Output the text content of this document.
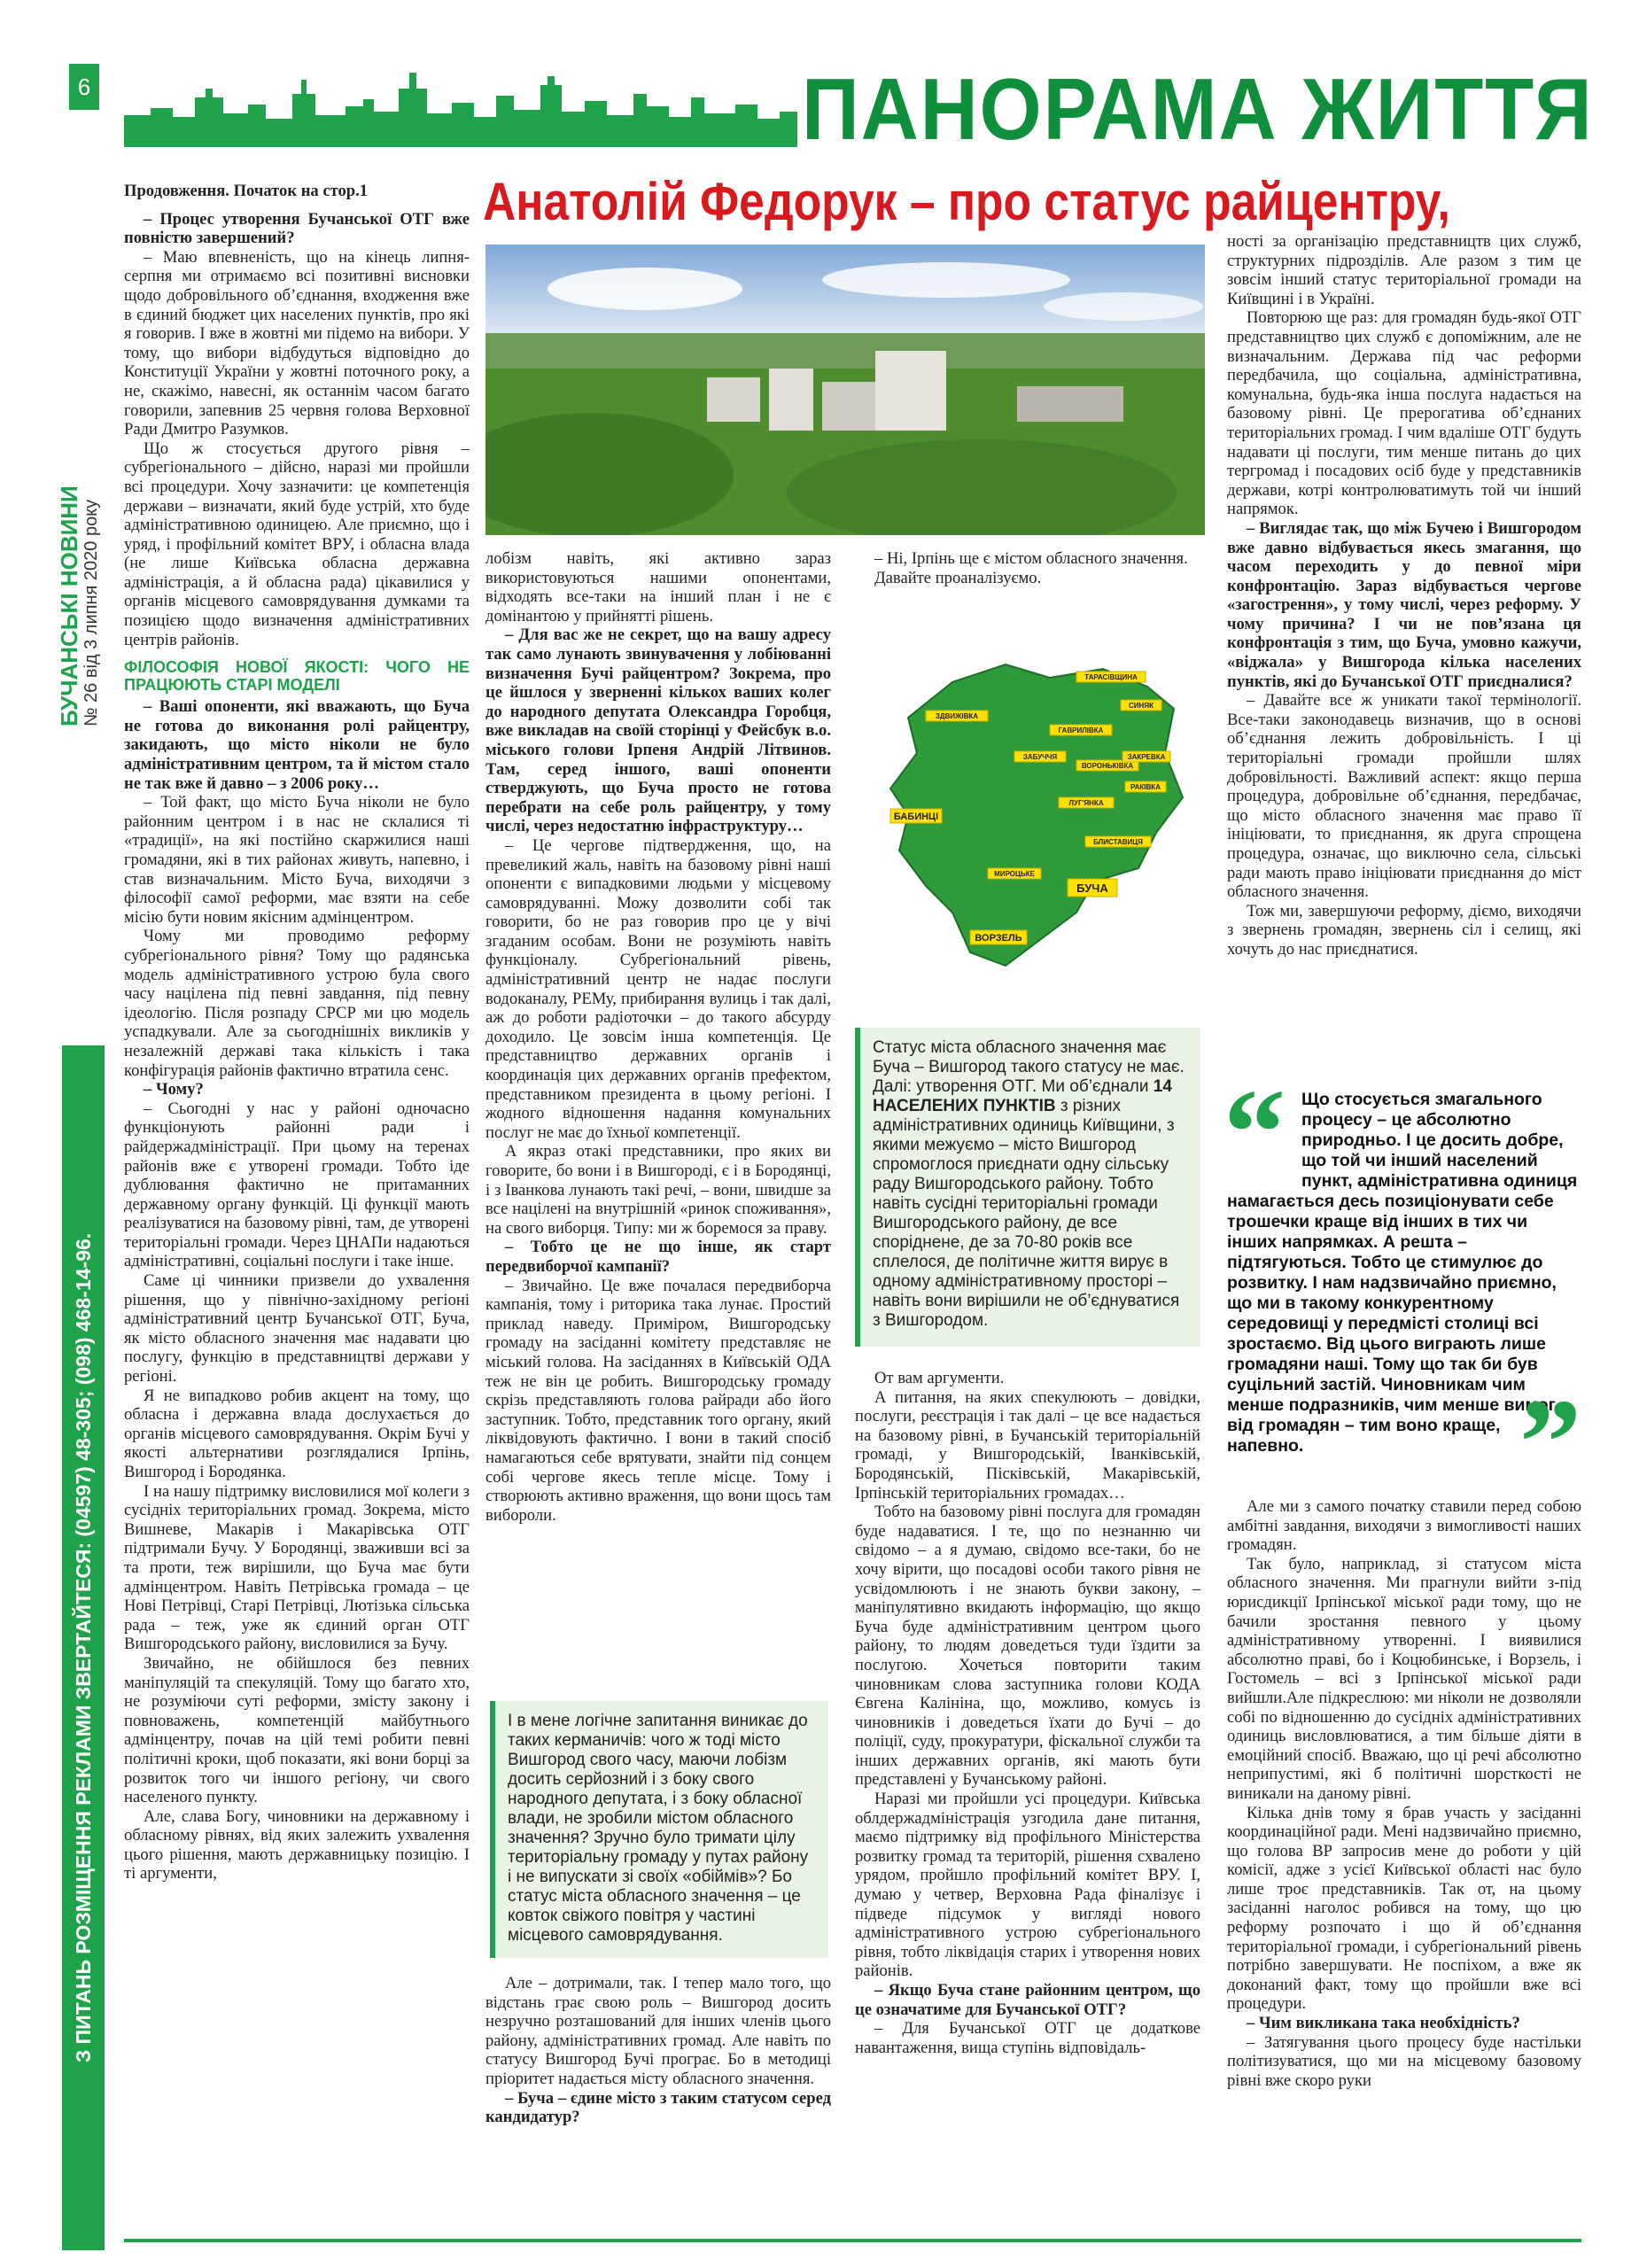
6	ПАНОРАМА ЖИТТЯ
БУЧАНСЬКІ НОВИНИ № 26 від 3 липня 2020 року
З ПИТАНЬ РОЗМІЩЕННЯ РЕКЛАМИ ЗВЕРТАЙТЕСЯ: (04597) 48-305; (098) 468-14-96.
Анатолій Федорук – про статус райцентру,

Продовження. Початок на стор.1

– Процес утворення Бучанської ОТГ вже повністю завершений?

– Маю впевненість, що на кінець липня-серпня ми отримаємо всі позитивні висновки щодо добровільного об’єднання, входження вже в єдиний бюджет цих населених пунктів, про які я говорив. І вже в жовтні ми підемо на вибори. У тому, що вибори відбудуться відповідно до Конституції України у жовтні поточного року, а не, скажімо, навесні, як останнім часом багато говорили, запевнив 25 червня голова Верховної Ради Дмитро Разумков.

Що ж стосується другого рівня – субрегіонального – дійсно, наразі ми пройшли всі процедури. Хочу зазначити: це компетенція держави – визначати, який буде устрій, хто буде адміністративною одиницею. Але приємно, що і уряд, і профільний комітет ВРУ, і обласна влада (не лише Київська обласна державна адміністрація, а й обласна рада) цікавилися у органів місцевого самоврядування думками та позицією щодо визначення адміністративних центрів районів.

ФІЛОСОФІЯ НОВОЇ ЯКОСТІ: ЧОГО НЕ ПРАЦЮЮТЬ СТАРІ МОДЕЛІ

– Ваші опоненти, які вважають, що Буча не готова до виконання ролі райцентру, закидають, що місто ніколи не було адміністративним центром, та й містом стало не так вже й давно – з 2006 року…

– Той факт, що місто Буча ніколи не було районним центром і в нас не склалися ті «традиції», на які постійно скаржилися наші громадяни, які в тих районах живуть, напевно, і став визначальним. Місто Буча, виходячи з філософії самої реформи, має взяти на себе місію бути новим якісним адмінцентром.

Чому ми проводимо реформу субрегіонального рівня? Тому що радянська модель адміністративного устрою була свого часу націлена під певні завдання, під певну ідеологію. Після розпаду СРСР ми цю модель успадкували. Але за сьогоднішніх викликів у незалежній державі така кількість і така конфігурація районів фактично втратила сенс.

– Чому?

– Сьогодні у нас у районі одночасно функціонують районні ради і райдержадміністрації. При цьому на теренах районів вже є утворені громади. Тобто іде дублювання фактично не притаманних державному органу функцій. Ці функції мають реалізуватися на базовому рівні, там, де утворені територіальні громади. Через ЦНАПи надаються адміністративні, соціальні послуги і таке інше.

Саме ці чинники призвели до ухвалення рішення, що у північно-західному регіоні адміністративний центр Бучанської ОТГ, Буча, як місто обласного значення має надавати цю послугу, функцію в представництві держави у регіоні.

Я не випадково робив акцент на тому, що обласна і державна влада дослухається до органів місцевого самоврядування. Окрім Бучі у якості альтернативи розглядалися Ірпінь, Вишгород і Бородянка.

І на нашу підтримку висловилися мої колеги з сусідніх територіальних громад. Зокрема, місто Вишневе, Макарів і Макарівська ОТГ підтримали Бучу. У Бородянці, зваживши всі за та проти, теж вирішили, що Буча має бути адмінцентром. Навіть Петрівська громада – це Нові Петрівці, Старі Петрівці, Лютізька сільська рада – теж, уже як єдиний орган ОТГ Вишгородського району, висловилися за Бучу.

Звичайно, не обійшлося без певних маніпуляцій та спекуляцій. Тому що багато хто, не розуміючи суті реформи, змісту закону і повноважень, компетенцій майбутнього адмінцентру, почав на цій темі робити певні політичні кроки, щоб показати, які вони борці за розвиток того чи іншого регіону, чи свого населеного пункту.

Але, слава Богу, чиновники на державному і обласному рівнях, від яких залежить ухвалення цього рішення, мають державницьку позицію. І ті аргументи,

лобізм навіть, які активно зараз використовуються нашими опонентами, відходять все-таки на інший план і не є домінантою у прийнятті рішень.

– Для вас же не секрет, що на вашу адресу так само лунають звинувачення у лобіюванні визначення Бучі райцентром? Зокрема, про це йшлося у зверненні кількох ваших колег до народного депутата Олександра Горобця, вже викладав на своїй сторінці у Фейсбук в.о. міського голови Ірпеня Андрій Літвинов. Там, серед іншого, ваші опоненти стверджують, що Буча просто не готова перебрати на себе роль райцентру, у тому числі, через недостатню інфраструктуру…

– Це чергове підтвердження, що, на превеликий жаль, навіть на базовому рівні наші опоненти є випадковими людьми у місцевому самоврядуванні. Можу дозволити собі так говорити, бо не раз говорив про це у вічі згаданим особам. Вони не розуміють навіть функціоналу. Субрегіональний рівень, адміністративний центр не надає послуги водоканалу, РЕМу, прибирання вулиць і так далі, аж до роботи радіоточки – до такого абсурду доходило. Це зовсім інша компетенція. Це представництво державних органів і координація цих державних органів префектом, представником президента в цьому регіоні. І жодного відношення надання комунальних послуг не має до їхньої компетенції.

А якраз отакі представники, про яких ви говорите, бо вони і в Вишгороді, є і в Бородянці, і з Іванкова лунають такі речі, – вони, швидше за все націлені на внутрішній «ринок споживання», на свого виборця. Типу: ми ж боремося за праву.

– Тобто це не що інше, як старт передвиборчої кампанії?

– Звичайно. Це вже почалася передвиборча кампанія, тому і риторика така лунає. Простий приклад наведу. Приміром, Вишгородську громаду на засіданні комітету представляє не міський голова. На засіданнях в Київській ОДА теж не він це робить. Вишгородську громаду скрізь представляють голова райради або його заступник. Тобто, представник того органу, який ліквідовують фактично. І вони в такий спосіб намагаються себе врятувати, знайти під сонцем собі чергове якесь тепле місце. Тому і створюють активно враження, що вони щось там вибороли.

І в мене логічне запитання виникає до таких керманичів: чого ж тоді місто Вишгород свого часу, маючи лобізм досить серйозний і з боку свого народного депутата, і з боку обласної влади, не зробили містом обласного значення? Зручно було тримати цілу територіальну громаду у путах району і не випускати зі своїх «обіймів»? Бо статус міста обласного значення – це ковток свіжого повітря у частині місцевого самоврядування.

Але – дотримали, так. І тепер мало того, що відстань грає свою роль – Вишгород досить незручно розташований для інших членів цього району, адміністративних громад. Але навіть по статусу Вишгород Бучі програє. Бо в методиці пріоритет надається місту обласного значення.

– Буча – єдине місто з таким статусом серед кандидатур?

– Ні, Ірпінь ще є містом обласного значення.

Давайте проаналізуємо.

ТАРАСІВЩИНА
СИНЯК
ЗДВИЖІВКА
ГАВРИЛІВКА
ВОРОНЬКІВКА
ЗАБУЧЧЯ	ЗАКРЕВКА
РАКІВКА
ЛУГ'ЯНКА
БАБИНЦІ
БЛИСТАВИЦЯ
МИРОЦЬКЕ
БУЧА
ВОРЗЕЛЬ
Статус міста обласного значення має Буча – Вишгород такого статусу не має. Далі: утворення ОТГ. Ми об’єднали 14 НАСЕЛЕНИХ ПУНКТІВ з різних адміністративних одиниць Київщини, з якими межуємо – місто Вишгород спромоглося приєднати одну сільську раду Вишгородського району. Тобто навіть сусідні територіальні громади Вишгородського району, де все споріднене, де за 70-80 років все сплелося, де політичне життя вирує в одному адміністративному просторі – навіть вони вирішили не об’єднуватися з Вишгородом.

От вам аргументи.

А питання, на яких спекулюють – довідки, послуги, реєстрація і так далі – це все надається на базовому рівні, в Бучанській територіальній громаді, у Вишгородській, Іванківській, Бородянській, Пісківській, Макарівській, Ірпінській територіальних громадах…

Тобто на базовому рівні послуга для громадян буде надаватися. І те, що по незнанню чи свідомо – а я думаю, свідомо все-таки, бо не хочу вірити, що посадові особи такого рівня не усвідомлюють і не знають букви закону, – маніпулятивно вкидають інформацію, що якщо Буча буде адміністративним центром цього району, то людям доведеться туди їздити за послугою. Хочеться повторити таким чиновникам слова заступника голови КОДА Євгена Калініна, що, можливо, комусь із чиновників і доведеться їхати до Бучі – до поліції, суду, прокуратури, фіскальної служби та інших державних органів, які мають бути представлені у Бучанському районі.

Наразі ми пройшли усі процедури. Київська облдержадміністрація узгодила дане питання, маємо підтримку від профільного Міністерства розвитку громад та територій, рішення схвалено урядом, пройшло профільний комітет ВРУ. І, думаю у четвер, Верховна Рада фіналізує і підведе підсумок у вигляді нового адміністративного устрою субрегіонального рівня, тобто ліквідація старих і утворення нових районів.

– Якщо Буча стане районним центром, що це означатиме для Бучанської ОТГ?

– Для Бучанської ОТГ це додаткове навантаження, вища ступінь відповідаль-

ності за організацію представництв цих служб, структурних підрозділів. Але разом з тим це зовсім інший статус територіальної громади на Київщині і в Україні.

Повторюю ще раз: для громадян будь-якої ОТГ представництво цих служб є допоміжним, але не визначальним. Держава під час реформи передбачила, що соціальна, адміністративна, комунальна, будь-яка інша послуга надається на базовому рівні. Це прерогатива об’єднаних територіальних громад. І чим вдаліше ОТГ будуть надавати ці послуги, тим менше питань до цих тергромад і посадових осіб буде у представників держави, котрі контролюватимуть той чи інший напрямок.

– Виглядає так, що між Бучею і Вишгородом вже давно відбувається якесь змагання, що часом переходить у до певної міри конфронтацію. Зараз відбувається чергове «загострення», у тому числі, через реформу. У чому причина? І чи не пов’язана ця конфронтація з тим, що Буча, умовно кажучи, «віджала» у Вишгорода кілька населених пунктів, які до Бучанської ОТГ приєдналися?

– Давайте все ж уникати такої термінології. Все-таки законодавець визначив, що в основі об’єднання лежить добровільність. І ці територіальні громади пройшли шлях добровільності. Важливий аспект: якщо перша процедура, добровільне об’єднання, передбачає, що місто обласного значення має право її ініціювати, то приєднання, як друга спрощена процедура, означає, що виключно села, сільські ради мають право ініціювати приєднання до міст обласного значення.

Тож ми, завершуючи реформу, діємо, виходячи з звернень громадян, звернень сіл і селищ, які хочуть до нас приєднатися.

“ Що стосується змагального процесу – це абсолютно природньо. І це досить добре, що той чи інший населений пункт, адміністративна одиниця намагається десь позиціонувати себе трошечки краще від інших в тих чи інших напрямках. А решта – підтягуються. Тобто це стимулює до розвитку. І нам надзвичайно приємно, що ми в такому конкурентному середовищі у передмісті столиці всі зростаємо. Від цього виграють лише громадяни наші. Тому що так би був суцільний застій. Чиновникам чим менше подразників, чим менше вимог від громадян – тим воно краще, напевно. ”

Але ми з самого початку ставили перед собою амбітні завдання, виходячи з вимогливості наших громадян.

Так було, наприклад, зі статусом міста обласного значення. Ми прагнули вийти з-під юрисдикції Ірпінської міської ради тому, що не бачили зростання певного у цьому адміністративному утворенні. І виявилися абсолютно праві, бо і Коцюбинське, і Ворзель, і Гостомель – всі з Ірпінської міської ради вийшли.Але підкреслюю: ми ніколи не дозволяли собі по відношенню до сусідніх адміністративних одиниць висловлюватися, а тим більше діяти в емоційний спосіб. Вважаю, що ці речі абсолютно неприпустимі, які б політичні шорсткості не виникали на даному рівні.

Кілька днів тому я брав участь у засіданні координаційної ради. Мені надзвичайно приємно, що голова ВР запросив мене до роботи у цій комісії, адже з усієї Київської області нас було лише троє представників. Так от, на цьому засіданні наголос робився на тому, що цю реформу розпочато і що й об’єднання територіальної громади, і субрегіональний рівень потрібно завершувати. Не поспіхом, а вже як доконаний факт, тому що пройшли вже всі процедури.

– Чим викликана така необхідність?

– Затягування цього процесу буде настільки політизуватися, що ми на місцевому базовому рівні вже скоро руки
